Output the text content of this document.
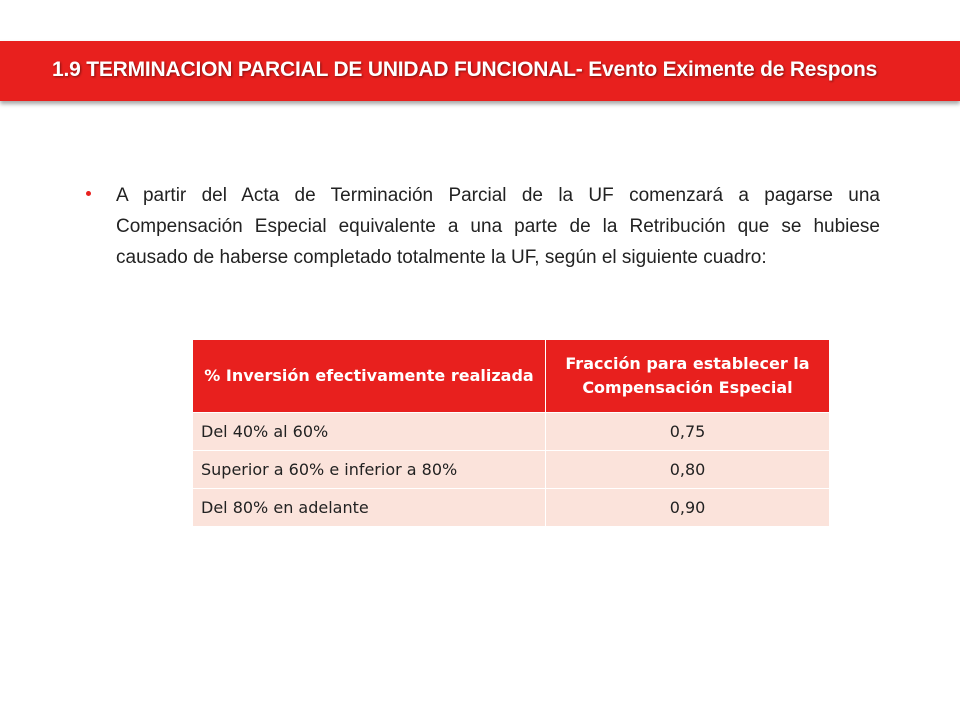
1.9 TERMINACION PARCIAL DE UNIDAD FUNCIONAL- Evento Eximente de Respons
A partir del Acta de Terminación Parcial de la UF comenzará a pagarse una Compensación Especial equivalente a una parte de la Retribución que se hubiese causado de haberse completado totalmente la UF, según el siguiente cuadro:
% Inversión efectivamente realizada	Fracción para establecer la Compensación Especial
Del 40% al 60%	0,75
Superior a 60% e inferior a 80%	0,80
Del 80% en adelante	0,90
